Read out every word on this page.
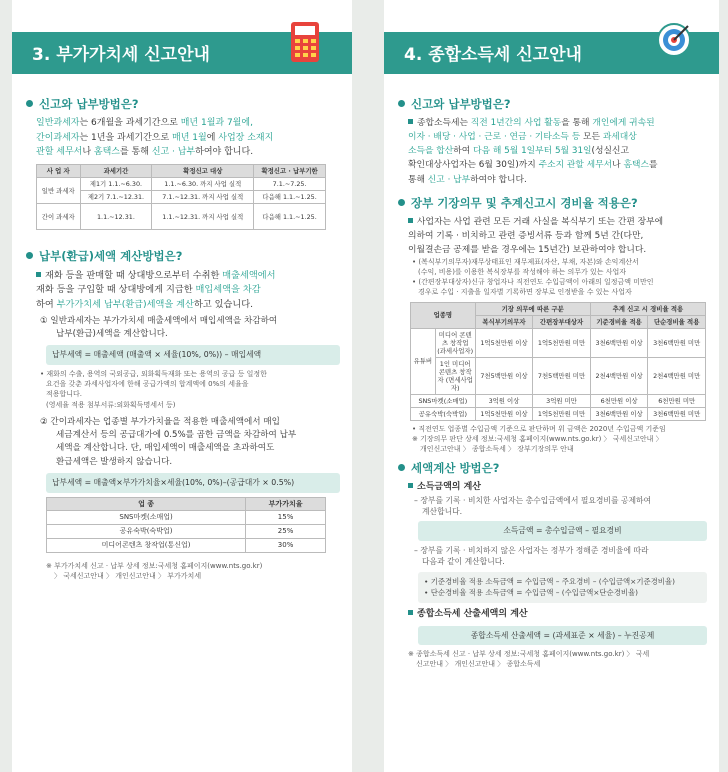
3. 부가가치세 신고안내
신고와 납부방법은?
일반과세자는 6개월을 과세기간으로 매년 1월과 7월에,
간이과세자는 1년을 과세기간으로 매년 1월에 사업장 소재지
관할 세무서나 홈택스를 통해 신고 · 납부하여야 합니다.
사 업 자	과세기간	확정신고 대상	확정신고 · 납부기한
일반 과세자	제1기 1.1.~6.30.	1.1.~6.30. 까지 사업 실적	7.1.~7.25.
	제2기 7.1.~12.31.	7.1.~12.31. 까지 사업 실적	다음해 1.1.~1.25.
간이 과세자	1.1.~12.31.	1.1.~12.31. 까지 사업 실적	다음해 1.1.~1.25.
납부(환급)세액 계산방법은?
재화 등을 판매할 때 상대방으로부터 수취한 매출세액에서
재화 등을 구입할 때 상대방에게 지급한 매입세액을 차감
하여 부가가치세 납부(환급)세액을 계산하고 있습니다.
① 일반과세자는 부가가치세 매출세액에서 매입세액을 차감하여
납부(환급)세액을 계산합니다.
납부세액 = 매출세액 (매출액 × 세율(10%, 0%)) – 매입세액
• 재화의 수출, 용역의 국외공급, 외화획득재화 또는 용역의 공급 등 일정한
요건을 갖춘 과세사업자에 한해 공급가액의 합계액에 0%의 세율을
적용합니다.
(영세율 적용 첨부서류:외화획득명세서 등)
② 간이과세자는 업종별 부가가치율을 적용한 매출세액에서 매입
세금계산서 등의 공급대가에 0.5%를 곱한 금액을 차감하여 납부
세액을 계산합니다. 단, 매입세액이 매출세액을 초과하여도
환급세액은 발생하지 않습니다.
납부세액 = 매출액×부가가치율×세율(10%, 0%)–(공급대가 × 0.5%)
업 종	부가가치율
SNS마켓(소매업)	15%
공유숙박(숙박업)	25%
미디어콘텐츠 창작업(통신업)	30%
※ 부가가치세 신고 · 납부 상세 정보:국세청 홈페이지(www.nts.go.kr)
〉 국세신고안내 〉 개인신고안내 〉 부가가치세
4. 종합소득세 신고안내
신고와 납부방법은?
종합소득세는 직전 1년간의 사업 활동을 통해 개인에게 귀속된
이자 · 배당 · 사업 · 근로 · 연금 · 기타소득 등 모든 과세대상
소득을 합산하여 다음 해 5월 1일부터 5월 31일(성실신고
확인대상사업자는 6월 30일)까지 주소지 관할 세무서나 홈택스를
통해 신고 · 납부하여야 합니다.
장부 기장의무 및 추계신고시 경비율 적용은?
사업자는 사업 관련 모든 거래 사실을 복식부기 또는 간편 장부에
의하여 기록 · 비치하고 관련 증빙서류 등과 함께 5년 간(다만,
이월결손금 공제를 받을 경우에는 15년간) 보관하여야 합니다.
• (복식부기의무자)재무상태표인 재무제표(자산, 부채, 자본)와 손익계산서
(수익, 비용)를 이용한 복식장부를 작성해야 하는 의무가 있는 사업자
• (간편장부대상자)신규 창업자나 직전연도 수입금액이 아래의 일정금액 미만인
경우로 수입 · 지출을 일자별 기록하면 장부로 인정받을 수 있는 사업자
업종명		기장 의무에 따른 구분		추계 신고 시 경비율 적용	
		복식부기의무자	간편장부대상자	기준경비율 적용	단순경비율 적용
유튜버	미디어 콘텐츠 창작업 (과세사업자)	1억5천만원 이상	1억5천만원 미만	3천6백만원 이상	3천6백만원 미만
	1인 미디어 콘텐츠 창작자 (면세사업자)	7천5백만원 이상	7천5백만원 미만	2천4백만원 이상	2천4백만원 미만
SNS마켓(소매업)		3억원 이상	3억원 미만	6천만원 이상	6천만원 미만
공유숙박(숙박업)		1억5천만원 이상	1억5천만원 미만	3천6백만원 이상	3천6백만원 미만
• 직전연도 업종별 수입금액 기준으로 판단하며 위 금액은 2020년 수입금액 기준임
※ 기장의무 판단 상세 정보:국세청 홈페이지(www.nts.go.kr) 〉 국세신고안내 〉
개인신고안내 〉 종합소득세 〉 장부기장의무 안내
세액계산 방법은?
소득금액의 계산
– 장부를 기록 · 비치한 사업자는 총수입금액에서 필요경비를 공제하여
계산합니다.
소득금액 = 총수입금액 – 필요경비
– 장부를 기록 · 비치하지 않은 사업자는 정부가 정해준 경비율에 따라
다음과 같이 계산합니다.
• 기준경비율 적용 소득금액 = 수입금액 – 주요경비 – (수입금액×기준경비율)
• 단순경비율 적용 소득금액 = 수입금액 – (수입금액×단순경비율)
종합소득세 산출세액의 계산
종합소득세 산출세액 = (과세표준 × 세율) – 누진공제
※ 종합소득세 신고 · 납부 상세 정보:국세청 홈페이지(www.nts.go.kr) 〉 국세
신고안내 〉 개인신고안내 〉 종합소득세
